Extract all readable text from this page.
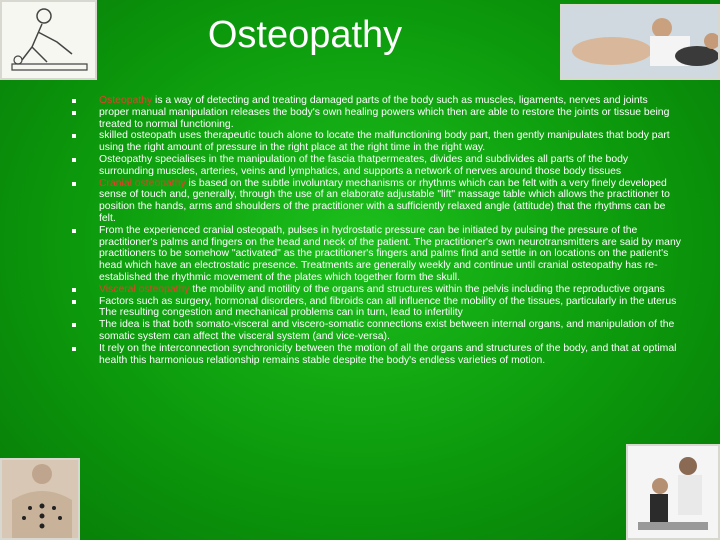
Osteopathy
Osteopathy is a way of detecting and treating damaged parts of the body such as muscles, ligaments, nerves and joints
proper manual manipulation releases the body's own healing powers which then are able to restore the joints or tissue being treated to normal functioning.
skilled osteopath uses therapeutic touch alone to locate the malfunctioning body part, then gently manipulates that body part using the right amount of pressure in the right place at the right time in the right way.
Osteopathy specialises in the manipulation of the fascia thatpermeates, divides and subdivides all parts of the body surrounding muscles, arteries, veins and lymphatics, and supports a network of nerves around those body tissues
Cranial osteopathy is based on the subtle involuntary mechanisms or rhythms which can be felt with a very finely developed sense of touch and, generally, through the use of an elaborate adjustable "lift" massage table which allows the practitioner to position the hands, arms and shoulders of the practitioner with a sufficiently relaxed angle (attitude) that the rhythms can be felt.
From the experienced cranial osteopath, pulses in hydrostatic pressure can be initiated by pulsing the pressure of the practitioner's palms and fingers on the head and neck of the patient. The practitioner's own neurotransmitters are said by many practitioners to be somehow "activated" as the practitioner's fingers and palms find and settle in on locations on the patient's head which have an electrostatic presence. Treatments are generally weekly and continue until cranial osteopathy has re-established the rhythmic movement of the plates which together form the skull.
Visceral osteopathy the mobility and motility of the organs and structures within the pelvis including the reproductive organs
Factors such as surgery, hormonal disorders, and fibroids can all influence the mobility of the tissues, particularly in the uterus The resulting congestion and mechanical problems can in turn, lead to infertility
The idea is that both somato-visceral and viscero-somatic connections exist between internal organs, and manipulation of the somatic system can affect the visceral system (and vice-versa).
It rely on the interconnection synchronicity between the motion of all the organs and structures of the body, and that at optimal health this harmonious relationship remains stable despite the body's endless varieties of motion.
